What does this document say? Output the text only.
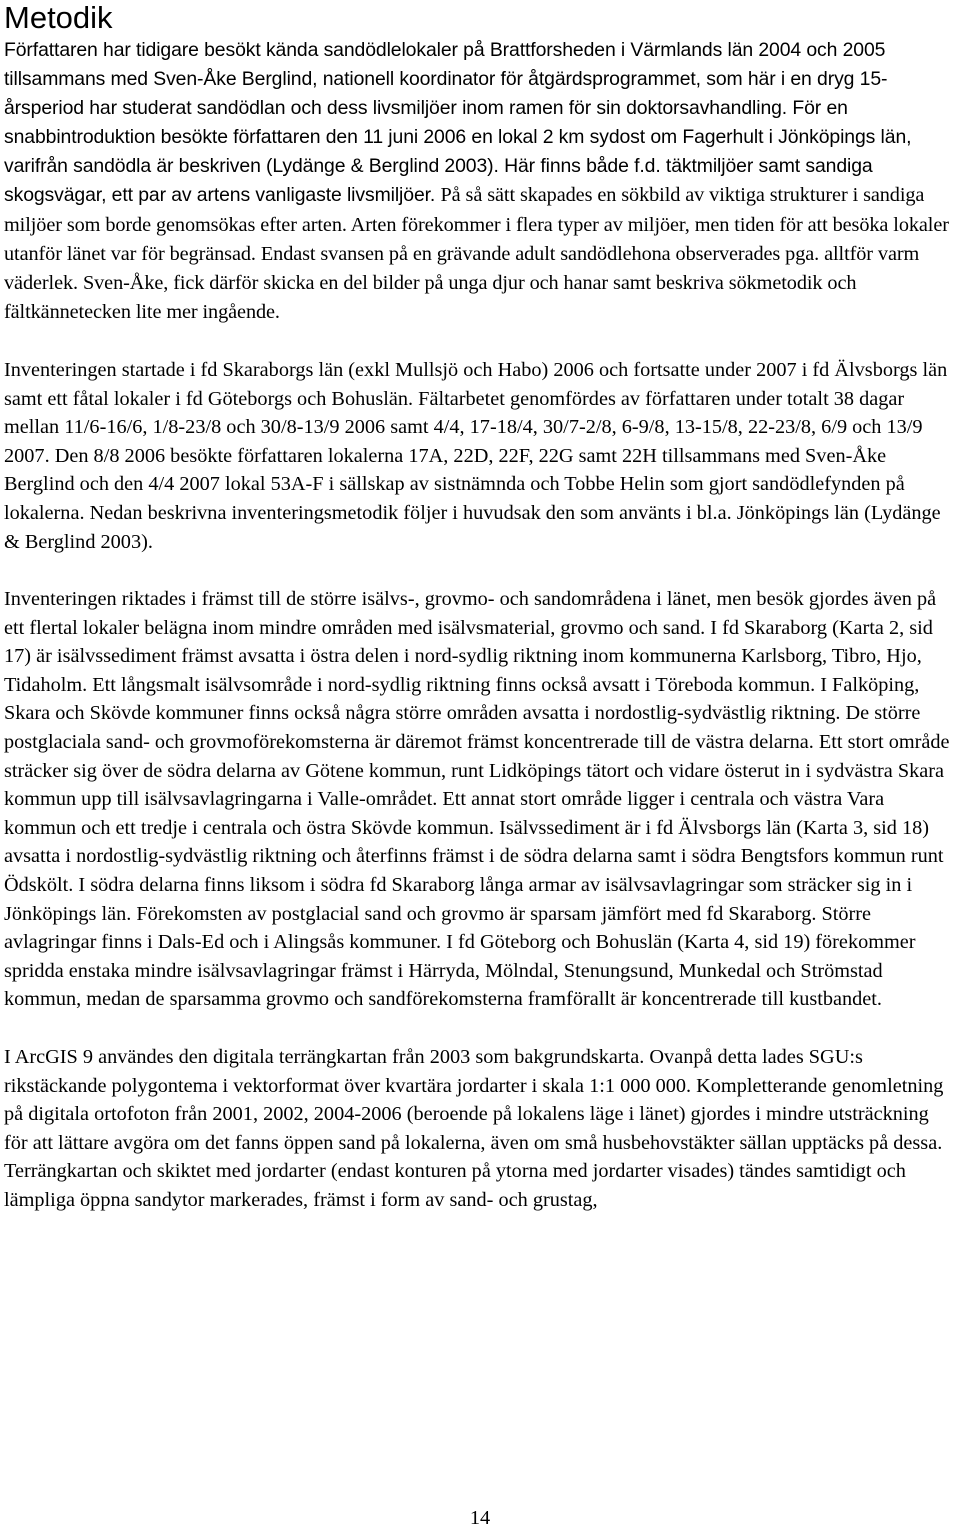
Metodik

Författaren har tidigare besökt kända sandödlelokaler på Brattforsheden i Värmlands län 2004 och 2005 tillsammans med Sven-Åke Berglind, nationell koordinator för åtgärdsprogrammet, som här i en dryg 15-årsperiod har studerat sandödlan och dess livsmiljöer inom ramen för sin doktorsavhandling. För en snabbintroduktion besökte författaren den 11 juni 2006 en lokal 2 km sydost om Fagerhult i Jönköpings län, varifrån sandödla är beskriven (Lydänge & Berglind 2003). Här finns både f.d. täktmiljöer samt sandiga skogsvägar, ett par av artens vanligaste livsmiljöer. På så sätt skapades en sökbild av viktiga strukturer i sandiga miljöer som borde genomsökas efter arten. Arten förekommer i flera typer av miljöer, men tiden för att besöka lokaler utanför länet var för begränsad. Endast svansen på en grävande adult sandödlehona observerades pga. alltför varm väderlek. Sven-Åke, fick därför skicka en del bilder på unga djur och hanar samt beskriva sökmetodik och fältkännetecken lite mer ingående.

Inventeringen startade i fd Skaraborgs län (exkl Mullsjö och Habo) 2006 och fortsatte under 2007 i fd Älvsborgs län samt ett fåtal lokaler i fd Göteborgs och Bohuslän. Fältarbetet genomfördes av författaren under totalt 38 dagar mellan 11/6-16/6, 1/8-23/8 och 30/8-13/9 2006 samt 4/4, 17-18/4, 30/7-2/8, 6-9/8, 13-15/8, 22-23/8, 6/9 och 13/9 2007. Den 8/8 2006 besökte författaren lokalerna 17A, 22D, 22F, 22G samt 22H tillsammans med Sven-Åke Berglind och den 4/4 2007 lokal 53A-F i sällskap av sistnämnda och Tobbe Helin som gjort sandödlefynden på lokalerna. Nedan beskrivna inventeringsmetodik följer i huvudsak den som använts i bl.a. Jönköpings län (Lydänge & Berglind 2003).

Inventeringen riktades i främst till de större isälvs-, grovmo- och sandområdena i länet, men besök gjordes även på ett flertal lokaler belägna inom mindre områden med isälvsmaterial, grovmo och sand. I fd Skaraborg (Karta 2, sid 17) är isälvssediment främst avsatta i östra delen i nord-sydlig riktning inom kommunerna Karlsborg, Tibro, Hjo, Tidaholm. Ett långsmalt isälvsområde i nord-sydlig riktning finns också avsatt i Töreboda kommun. I Falköping, Skara och Skövde kommuner finns också några större områden avsatta i nordostlig-sydvästlig riktning. De större postglaciala sand- och grovmoförekomsterna är däremot främst koncentrerade till de västra delarna. Ett stort område sträcker sig över de södra delarna av Götene kommun, runt Lidköpings tätort och vidare österut in i sydvästra Skara kommun upp till isälvsavlagringarna i Valle-området. Ett annat stort område ligger i centrala och västra Vara kommun och ett tredje i centrala och östra Skövde kommun. Isälvssediment är i fd Älvsborgs län (Karta 3, sid 18) avsatta i nordostlig-sydvästlig riktning och återfinns främst i de södra delarna samt i södra Bengtsfors kommun runt Ödskölt. I södra delarna finns liksom i södra fd Skaraborg långa armar av isälvsavlagringar som sträcker sig in i Jönköpings län. Förekomsten av postglacial sand och grovmo är sparsam jämfört med fd Skaraborg. Större avlagringar finns i Dals-Ed och i Alingsås kommuner. I fd Göteborg och Bohuslän (Karta 4, sid 19) förekommer spridda enstaka mindre isälvsavlagringar främst i Härryda, Mölndal, Stenungsund, Munkedal och Strömstad kommun, medan de sparsamma grovmo och sandförekomsterna framförallt är koncentrerade till kustbandet.

I ArcGIS 9 användes den digitala terrängkartan från 2003 som bakgrundskarta. Ovanpå detta lades SGU:s rikstäckande polygontema i vektorformat över kvartära jordarter i skala 1:1 000 000. Kompletterande genomletning på digitala ortofoton från 2001, 2002, 2004-2006 (beroende på lokalens läge i länet) gjordes i mindre utsträckning för att lättare avgöra om det fanns öppen sand på lokalerna, även om små husbehovstäkter sällan upptäcks på dessa. Terrängkartan och skiktet med jordarter (endast konturen på ytorna med jordarter visades) tändes samtidigt och lämpliga öppna sandytor markerades, främst i form av sand- och grustag,

14
